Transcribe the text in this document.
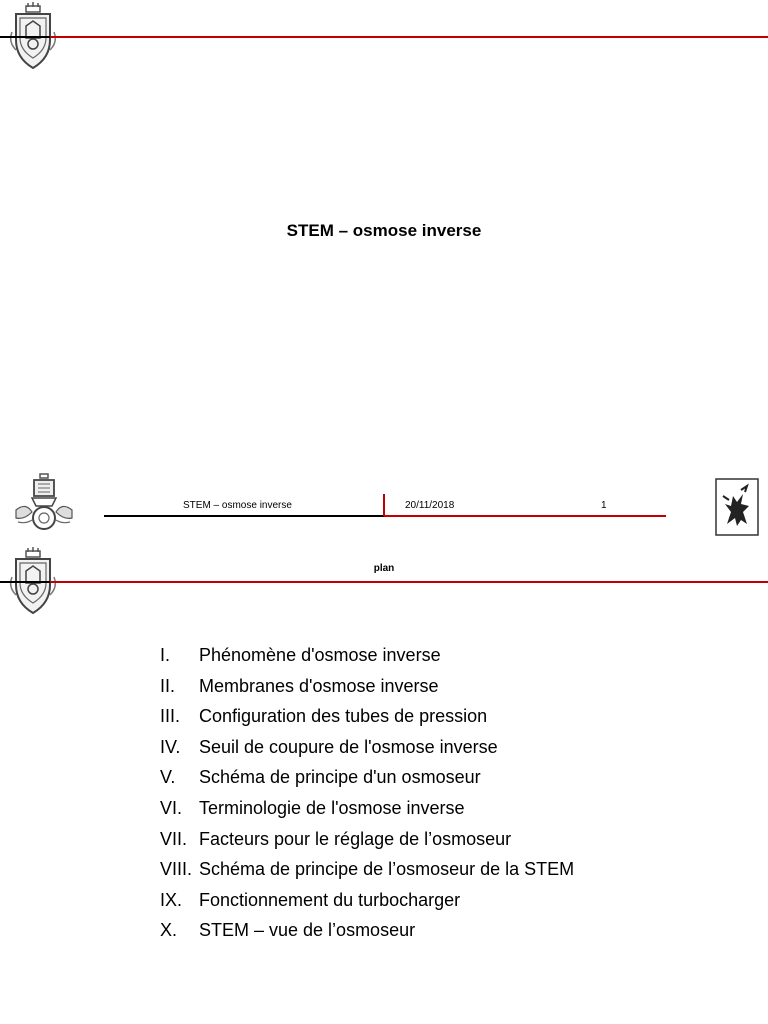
STEM – osmose inverse
STEM – osmose inverse	20/11/2018	1
plan
I. Phénomène d'osmose inverse
II. Membranes d'osmose inverse
III. Configuration des tubes de pression
IV. Seuil de coupure de l'osmose inverse
V. Schéma de principe d'un osmoseur
VI. Terminologie de l'osmose inverse
VII. Facteurs pour le réglage de l’osmoseur
VIII. Schéma de principe de l’osmoseur de la STEM
IX. Fonctionnement du turbocharger
X. STEM – vue de l’osmoseur
